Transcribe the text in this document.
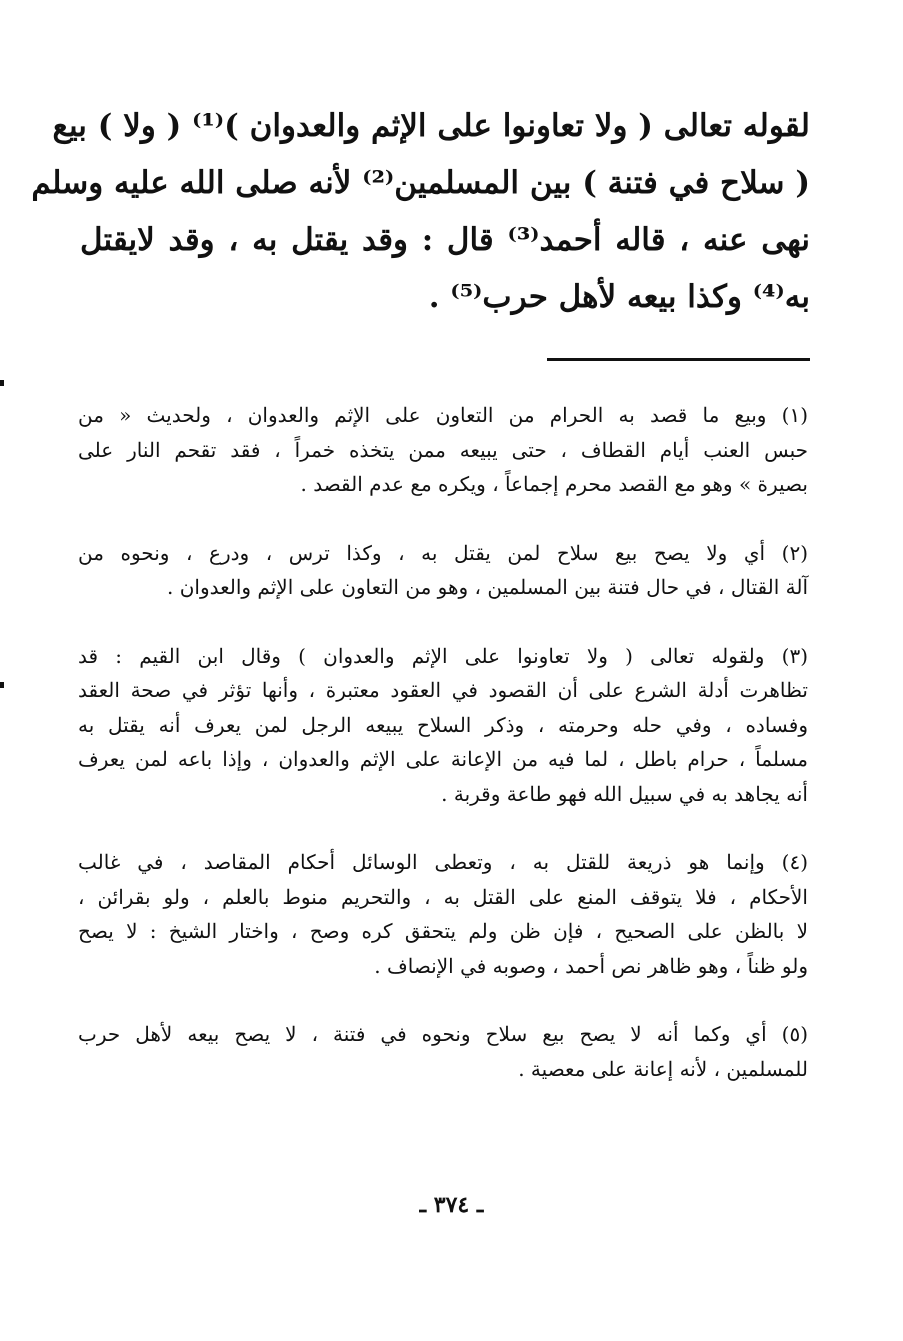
لقوله تعالى ( ولا تعاونوا على الإثم والعدوان )⁽¹⁾ ( ولا ) بيع
( سلاح في فتنة ) بين المسلمين⁽²⁾ لأنه صلى الله عليه وسلم
نهى عنه ، قاله أحمد⁽³⁾ قال : وقد يقتل به ، وقد لايقتل
به⁽⁴⁾ وكذا بيعه لأهل حرب⁽⁵⁾ .

(١) وبيع ما قصد به الحرام من التعاون على الإثم والعدوان ، ولحديث « من
حبس العنب أيام القطاف ، حتى يبيعه ممن يتخذه خمراً ، فقد تقحم النار على
بصيرة » وهو مع القصد محرم إجماعاً ، ويكره مع عدم القصد .

(٢) أي ولا يصح بيع سلاح لمن يقتل به ، وكذا ترس ، ودرع ، ونحوه من
آلة القتال ، في حال فتنة بين المسلمين ، وهو من التعاون على الإثم والعدوان .

(٣) ولقوله تعالى ( ولا تعاونوا على الإثم والعدوان ) وقال ابن القيم : قد
تظاهرت أدلة الشرع على أن القصود في العقود معتبرة ، وأنها تؤثر في صحة العقد
وفساده ، وفي حله وحرمته ، وذكر السلاح يبيعه الرجل لمن يعرف أنه يقتل به
مسلماً ، حرام باطل ، لما فيه من الإعانة على الإثم والعدوان ، وإذا باعه لمن يعرف
أنه يجاهد به في سبيل الله فهو طاعة وقربة .

(٤) وإنما هو ذريعة للقتل به ، وتعطى الوسائل أحكام المقاصد ، في غالب
الأحكام ، فلا يتوقف المنع على القتل به ، والتحريم منوط بالعلم ، ولو بقرائن ،
لا بالظن على الصحيح ، فإن ظن ولم يتحقق كره وصح ، واختار الشيخ : لا يصح
ولو ظناً ، وهو ظاهر نص أحمد ، وصوبه في الإنصاف .

(٥) أي وكما أنه لا يصح بيع سلاح ونحوه في فتنة ، لا يصح بيعه لأهل حرب
للمسلمين ، لأنه إعانة على معصية .

ـ ٣٧٤ ـ
